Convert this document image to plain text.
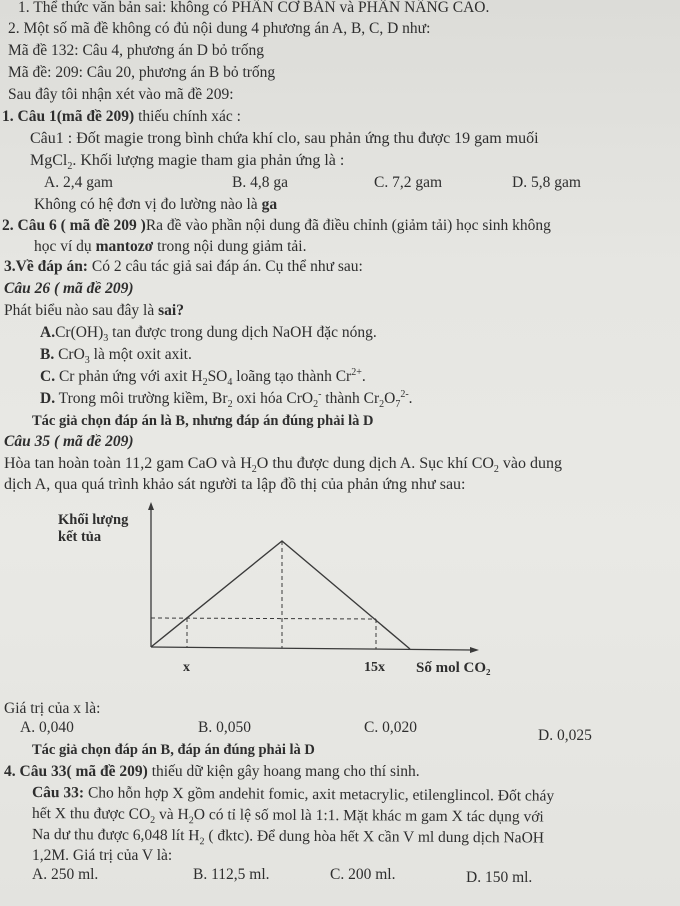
1. Thể thức văn bản sai: không có PHẦN CƠ BẢN và PHẦN NÂNG CAO.
2. Một số mã đề không có đủ nội dung 4 phương án A, B, C, D như:
Mã đề 132: Câu 4, phương án D bỏ trống
Mã đề: 209: Câu 20, phương án B bỏ trống
Sau đây tôi nhận xét vào mã đề 209:
1. Câu 1(mã đề 209) thiếu chính xác :
Câu1 : Đốt magie trong bình chứa khí clo, sau phản ứng thu được 19 gam muối
MgCl$_2$. Khối lượng magie tham gia phản ứng là :
A. 2,4 gam	B. 4,8 ga	C. 7,2 gam	D. 5,8 gam
Không có hệ đơn vị đo lường nào là ga
2. Câu 6 ( mã đề 209 )Ra đề vào phần nội dung đã điều chỉnh (giảm tải) học sinh không
học ví dụ mantozơ trong nội dung giảm tải.
3.Về đáp án: Có 2 câu tác giả sai đáp án. Cụ thể như sau:
Câu 26 ( mã đề 209)
Phát biểu nào sau đây là sai?
$A.Cr(OH)_3$ tan được trong dung dịch NaOH đặc nóng.
B. CrO$_3$ là một oxit axit.
C. Cr phản ứng với axit $H_2SO_4$ loãng tạo thành $Cr^{2+}$.
D. Trong môi trường kiềm, $Br_2$ oxi hóa CrO$_2$- thành $Cr_2O_7^{2-}$.
Tác giả chọn đáp án là B, nhưng đáp án đúng phải là D
Câu 35 ( mã đề 209)
Hòa tan hoàn toàn 11,2 gam CaO và $H_2O$ thu được dung dịch A. Sục khí $CO_2$ vào dung
dịch A, qua quá trình khảo sát người ta lập đồ thị của phản ứng như sau:
Khối lượng kết tủa
x	15x Số mol CO₂
Giá trị của x là:
A. 0,040	B. 0,050	C. 0,020	D. 0,025
Tác giả chọn đáp án B, đáp án đúng phải là D
4. Câu 33( mã đề 209) thiếu dữ kiện gây hoang mang cho thí sinh.
Câu 33: Cho hỗn hợp X gồm andehit fomic, axit metacrylic, etilenglincol. Đốt cháy
hết X thu được $CO_2$ và $H_2O$ có tỉ lệ số mol là 1:1. Mặt khác m gam X tác dụng với
Na dư thu được 6,048 lít $H_2$ ( đktc). Để dung hòa hết X cần V ml dung dịch NaOH
1,2M. Giá trị của V là:
A. 250 ml.	B. 112,5 ml.	C. 200 ml.	D. 150 ml.
